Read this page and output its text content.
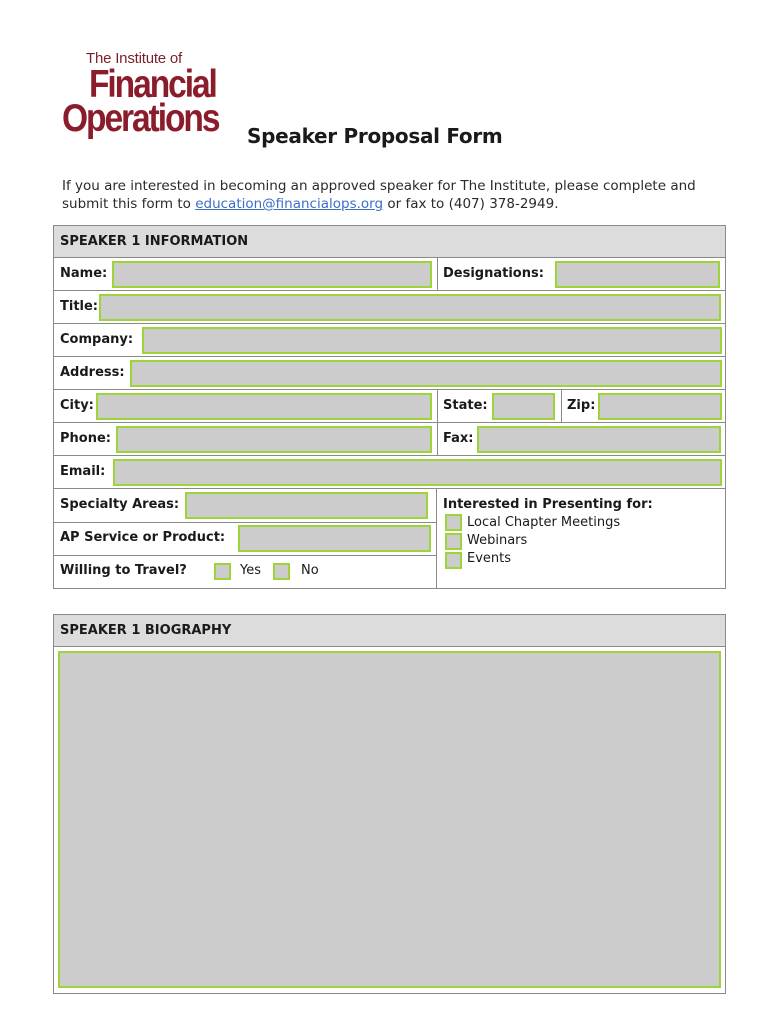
The Institute of
Financial
Operations Speaker Proposal Form
If you are interested in becoming an approved speaker for The Institute, please complete and submit this form to education@financialops.org or fax to (407) 378-2949.
SPEAKER 1 INFORMATION
Name:	Designations:
Title:
Company:
Address:
City:	State:	Zip:
Phone:	Fax:
Email:
Specialty Areas:
AP Service or Product:
Willing to Travel?	Yes	No
Interested in Presenting for:
Local Chapter Meetings
Webinars
Events
SPEAKER 1 BIOGRAPHY
